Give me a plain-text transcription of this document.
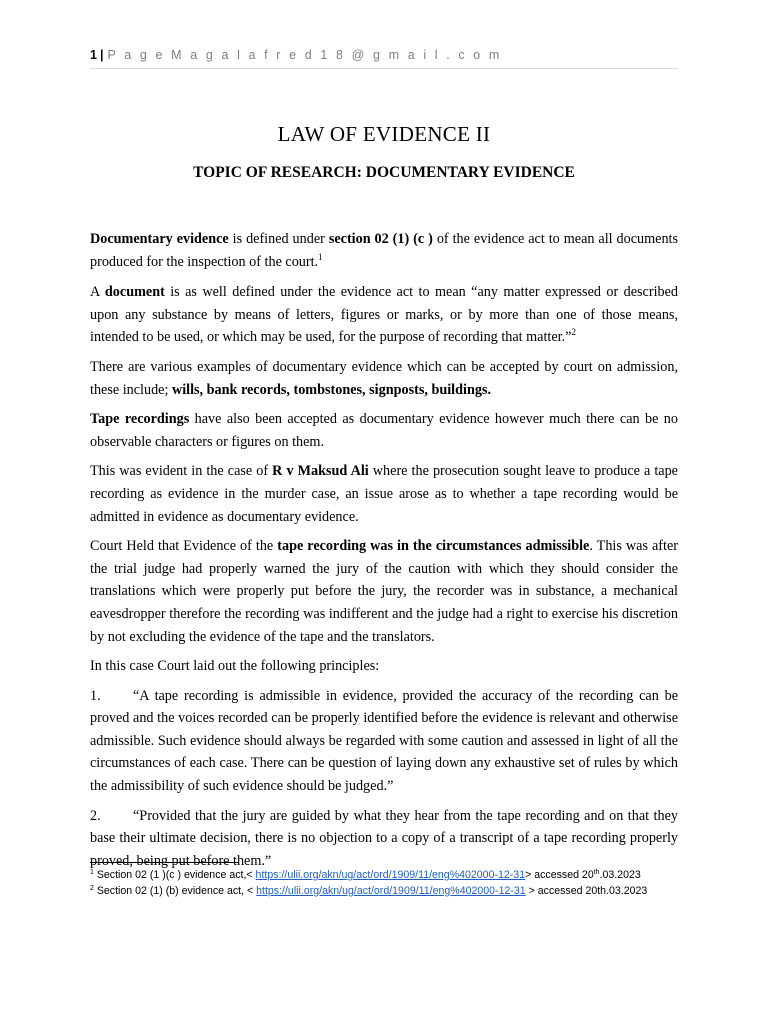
1 | P a g e M a g a l a f r e d 1 8 @ g m a i l . c o m
LAW OF EVIDENCE II
TOPIC OF RESEARCH: DOCUMENTARY EVIDENCE

Documentary evidence is defined under section 02 (1) (c ) of the evidence act to mean all documents produced for the inspection of the court.$^1$

A document is as well defined under the evidence act to mean “any matter expressed or described upon any substance by means of letters, figures or marks, or by more than one of those means, intended to be used, or which may be used, for the purpose of recording that matter.”$^2$

There are various examples of documentary evidence which can be accepted by court on admission, these include; wills, bank records, tombstones, signposts, buildings.

Tape recordings have also been accepted as documentary evidence however much there can be no observable characters or figures on them.

This was evident in the case of R v Maksud Ali where the prosecution sought leave to produce a tape recording as evidence in the murder case, an issue arose as to whether a tape recording would be admitted in evidence as documentary evidence.

Court Held that Evidence of the tape recording was in the circumstances admissible. This was after the trial judge had properly warned the jury of the caution with which they should consider the translations which were properly put before the jury, the recorder was in substance, a mechanical eavesdropper therefore the recording was indifferent and the judge had a right to exercise his discretion by not excluding the evidence of the tape and the translators.

In this case Court laid out the following principles:

1. “A tape recording is admissible in evidence, provided the accuracy of the recording can be proved and the voices recorded can be properly identified before the evidence is relevant and otherwise admissible. Such evidence should always be regarded with some caution and assessed in light of all the circumstances of each case. There can be question of laying down any exhaustive set of rules by which the admissibility of such evidence should be judged.”

2. “Provided that the jury are guided by what they hear from the tape recording and on that they base their ultimate decision, there is no objection to a copy of a transcript of a tape recording properly proved, being put before them.”

$^1$ Section 02 (1 )(c ) evidence act,< https://ulii.org/akn/ug/act/ord/1909/11/eng%402000-12-31> accessed 20th.03.2023
$^2$ Section 02 (1) (b) evidence act, < https://ulii.org/akn/ug/act/ord/1909/11/eng%402000-12-31 > accessed 20th.03.2023
